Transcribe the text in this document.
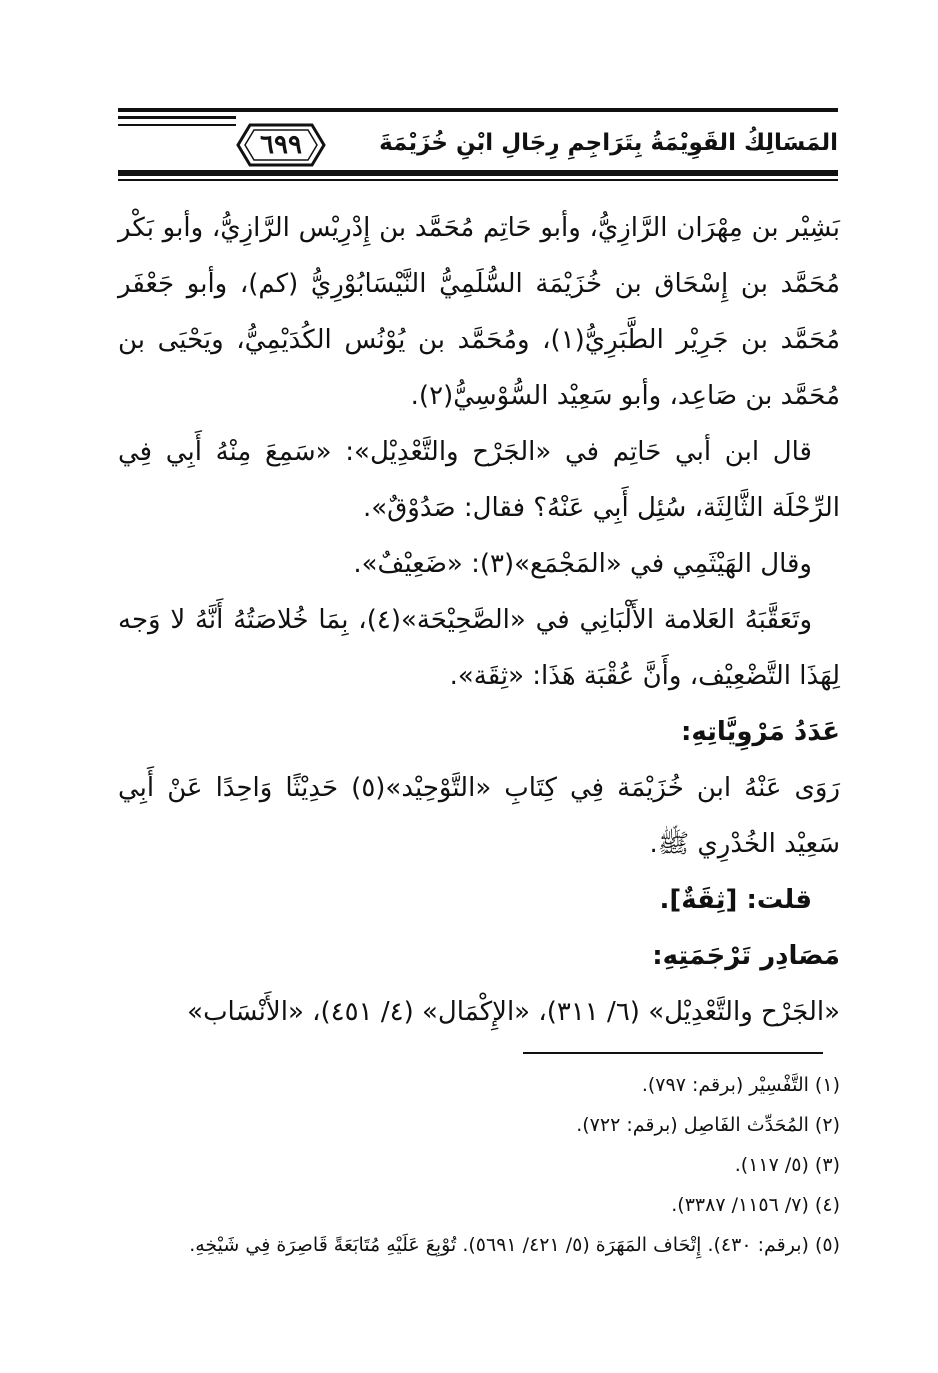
٦٩٩	المَسَالِكُ القَوِيْمَةُ بِتَرَاجِمِ رِجَالِ ابْنِ خُزَيْمَةَ

بَشِيْر بن مِهْرَان الرَّازِيُّ، وأبو حَاتِم مُحَمَّد بن إِدْرِيْس الرَّازِيُّ، وأبو بَكْر مُحَمَّد بن إِسْحَاق بن خُزَيْمَة السُّلَمِيُّ النَّيْسَابُوْرِيُّ (كم)، وأبو جَعْفَر مُحَمَّد بن جَرِيْر الطَّبَرِيُّ(١)، ومُحَمَّد بن يُوْنُس الكُدَيْمِيُّ، ويَحْيَى بن مُحَمَّد بن صَاعِد، وأبو سَعِيْد السُّوْسِيُّ(٢).

قال ابن أبي حَاتِم في «الجَرْح والتَّعْدِيْل»: «سَمِعَ مِنْهُ أَبِي فِي الرِّحْلَة الثَّالِثَة، سُئِل أَبِي عَنْهُ؟ فقال: صَدُوْقٌ».

وقال الهَيْثَمِي في «المَجْمَع»(٣): «ضَعِيْفٌ».

وتَعَقَّبَهُ العَلامة الأَلْبَانِي في «الصَّحِيْحَة»(٤)، بِمَا خُلاصَتُهُ أَنَّهُ لا وَجه لِهَذَا التَّضْعِيْف، وأَنَّ عُقْبَة هَذَا: «ثِقَة».

عَدَدُ مَرْوِيَّاتِهِ:

رَوَى عَنْهُ ابن خُزَيْمَة فِي كِتَابِ «التَّوْحِيْد»(٥) حَدِيْثًا وَاحِدًا عَنْ أَبِي سَعِيْد الخُدْرِي ﷺ.

قلت: [ثِقَةٌ].

مَصَادِر تَرْجَمَتِهِ:

«الجَرْح والتَّعْدِيْل» (٦/ ٣١١)، «الإِكْمَال» (٤/ ٤٥١)، «الأَنْسَاب»

(١) التَّفْسِيْر (برقم: ٧٩٧).

(٢) المُحَدِّث الفَاصِل (برقم: ٧٢٢).

(٣) (٥/ ١١٧).

(٤) (٧/ ١١٥٦/ ٣٣٨٧).

(٥) (برقم: ٤٣٠). إِتْحَاف المَهَرَة (٥/ ٤٢١/ ٥٦٩١). تُوْبِعَ عَلَيْهِ مُتَابَعَةً قَاصِرَة فِي شَيْخِهِ.
